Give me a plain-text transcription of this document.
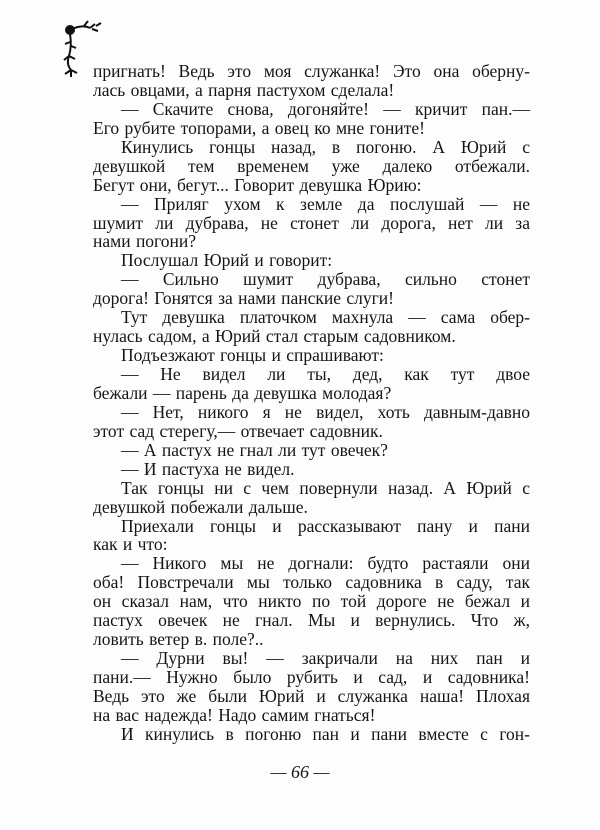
пригнать! Ведь это моя служанка! Это она оберну-
лась овцами, а парня пастухом сделала!
— Скачите снова, догоняйте! — кричит пан.—
Его рубите топорами, а овец ко мне гоните!
Кинулись гонцы назад, в погоню. А Юрий с
девушкой тем временем уже далеко отбежали.
Бегут они, бегут... Говорит девушка Юрию:
— Приляг ухом к земле да послушай — не
шумит ли дубрава, не стонет ли дорога, нет ли за
нами погони?
Послушал Юрий и говорит:
— Сильно шумит дубрава, сильно стонет
дорога! Гонятся за нами панские слуги!
Тут девушка платочком махнула — сама обер-
нулась садом, а Юрий стал старым садовником.
Подъезжают гонцы и спрашивают:
— Не видел ли ты, дед, как тут двое
бежали — парень да девушка молодая?
— Нет, никого я не видел, хоть давным-давно
этот сад стерегу,— отвечает садовник.
— А пастух не гнал ли тут овечек?
— И пастуха не видел.
Так гонцы ни с чем повернули назад. А Юрий с
девушкой побежали дальше.
Приехали гонцы и рассказывают пану и пани
как и что:
— Никого мы не догнали: будто растаяли они
оба! Повстречали мы только садовника в саду, так
он сказал нам, что никто по той дороге не бежал и
пастух овечек не гнал. Мы и вернулись. Что ж,
ловить ветер в. поле?..
— Дурни вы! — закричали на них пан и
пани.— Нужно было рубить и сад, и садовника!
Ведь это же были Юрий и служанка наша! Плохая
на вас надежда! Надо самим гнаться!
И кинулись в погоню пан и пани вместе с гон-
— 66 —
